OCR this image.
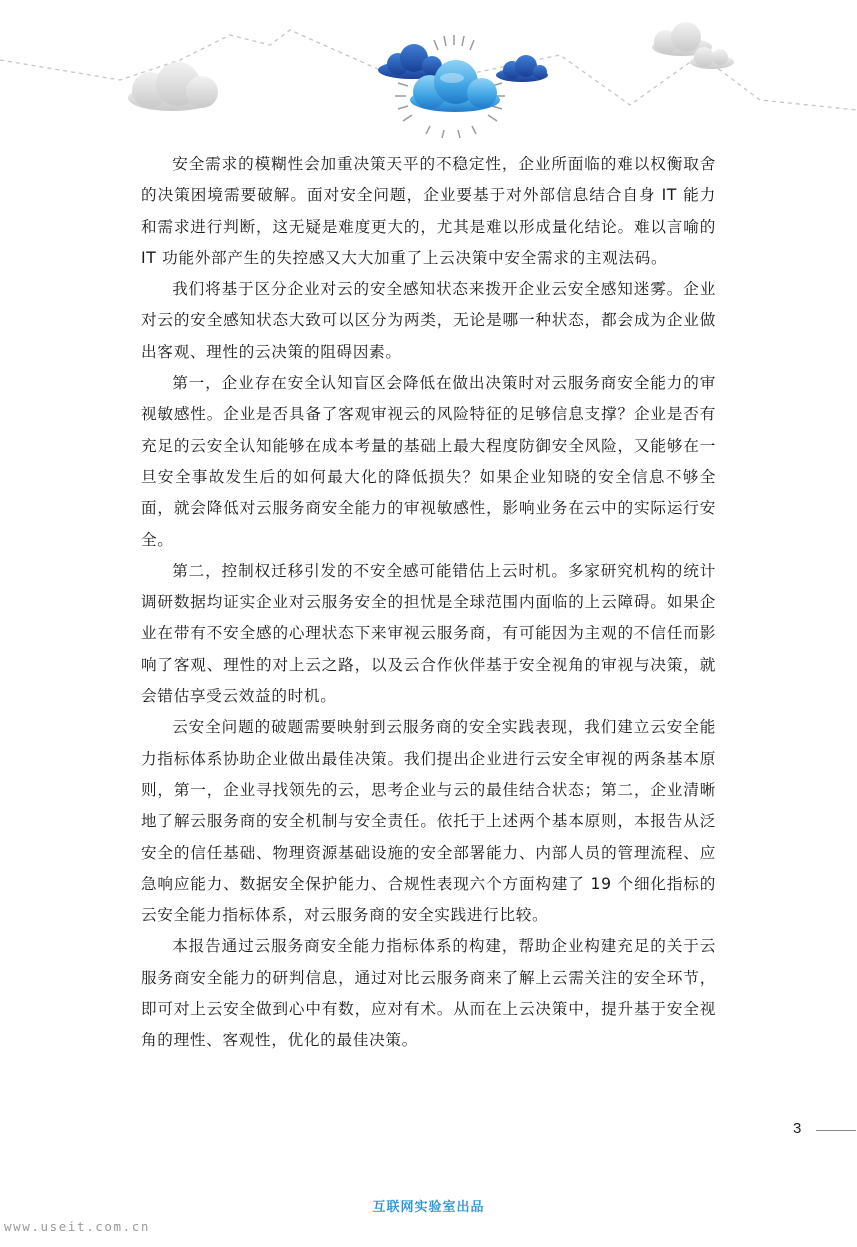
安全需求的模糊性会加重决策天平的不稳定性，企业所面临的难以权衡取舍的决策困境需要破解。面对安全问题，企业要基于对外部信息结合自身 IT 能力和需求进行判断，这无疑是难度更大的，尤其是难以形成量化结论。难以言喻的 IT 功能外部产生的失控感又大大加重了上云决策中安全需求的主观法码。

我们将基于区分企业对云的安全感知状态来拨开企业云安全感知迷雾。企业对云的安全感知状态大致可以区分为两类，无论是哪一种状态，都会成为企业做出客观、理性的云决策的阻碍因素。

第一，企业存在安全认知盲区会降低在做出决策时对云服务商安全能力的审视敏感性。企业是否具备了客观审视云的风险特征的足够信息支撑？企业是否有充足的云安全认知能够在成本考量的基础上最大程度防御安全风险，又能够在一旦安全事故发生后的如何最大化的降低损失？如果企业知晓的安全信息不够全面，就会降低对云服务商安全能力的审视敏感性，影响业务在云中的实际运行安全。

第二，控制权迁移引发的不安全感可能错估上云时机。多家研究机构的统计调研数据均证实企业对云服务安全的担忧是全球范围内面临的上云障碍。如果企业在带有不安全感的心理状态下来审视云服务商，有可能因为主观的不信任而影响了客观、理性的对上云之路，以及云合作伙伴基于安全视角的审视与决策，就会错估享受云效益的时机。

云安全问题的破题需要映射到云服务商的安全实践表现，我们建立云安全能力指标体系协助企业做出最佳决策。我们提出企业进行云安全审视的两条基本原则，第一，企业寻找领先的云，思考企业与云的最佳结合状态；第二，企业清晰地了解云服务商的安全机制与安全责任。依托于上述两个基本原则，本报告从泛安全的信任基础、物理资源基础设施的安全部署能力、内部人员的管理流程、应急响应能力、数据安全保护能力、合规性表现六个方面构建了 19 个细化指标的云安全能力指标体系，对云服务商的安全实践进行比较。

本报告通过云服务商安全能力指标体系的构建，帮助企业构建充足的关于云服务商安全能力的研判信息，通过对比云服务商来了解上云需关注的安全环节，即可对上云安全做到心中有数，应对有术。从而在上云决策中，提升基于安全视角的理性、客观性，优化的最佳决策。

3
互联网实验室出品
www.useit.com.cn
